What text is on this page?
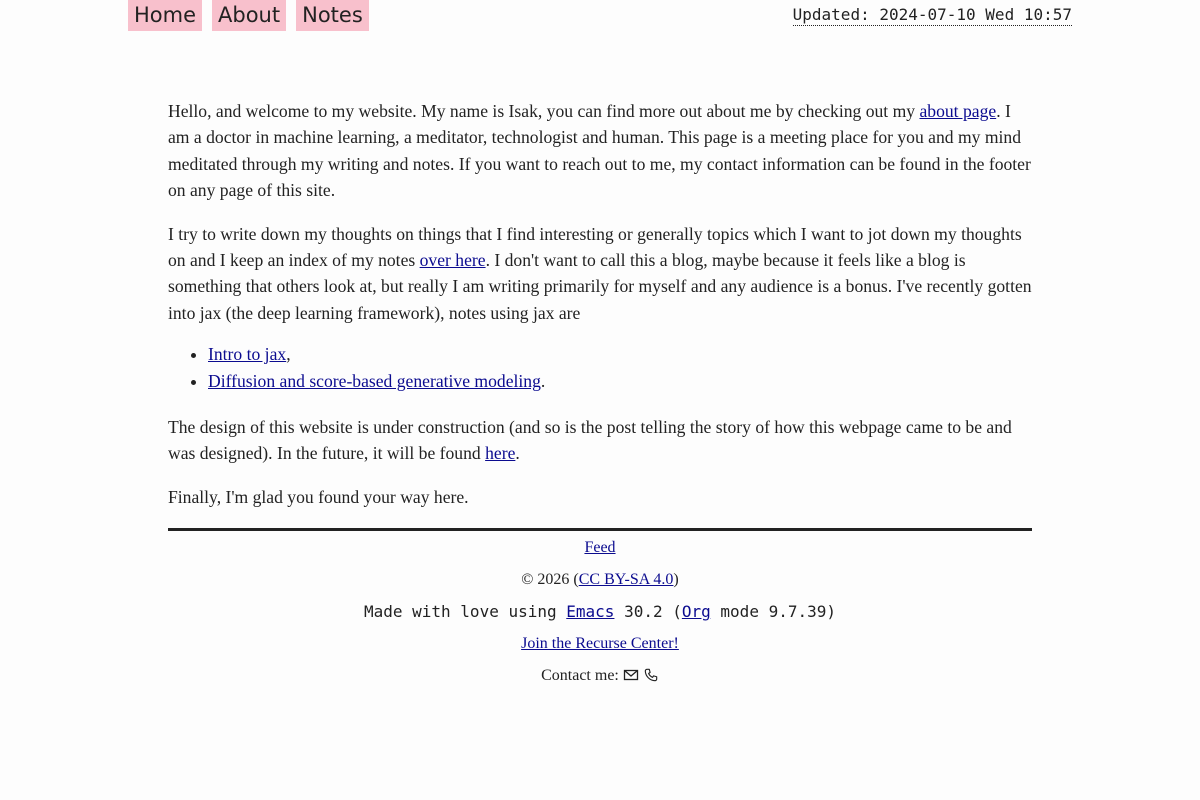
Home About Notes	Updated: 2024-07-10 Wed 10:57

Hello, and welcome to my website. My name is Isak, you can find more out about me by checking out my about page. I am a doctor in machine learning, a meditator, technologist and human. This page is a meeting place for you and my mind meditated through my writing and notes. If you want to reach out to me, my contact information can be found in the footer on any page of this site.

I try to write down my thoughts on things that I find interesting or generally topics which I want to jot down my thoughts on and I keep an index of my notes over here. I don't want to call this a blog, maybe because it feels like a blog is something that others look at, but really I am writing primarily for myself and any audience is a bonus. I've recently gotten into jax (the deep learning framework), notes using jax are

• Intro to jax,
• Diffusion and score-based generative modeling.

The design of this website is under construction (and so is the post telling the story of how this webpage came to be and was designed). In the future, it will be found here.

Finally, I'm glad you found your way here.

Feed
© 2026 (CC BY-SA 4.0)
Made with love using Emacs 30.2 (Org mode 9.7.39)
Join the Recurse Center!
Contact me:
